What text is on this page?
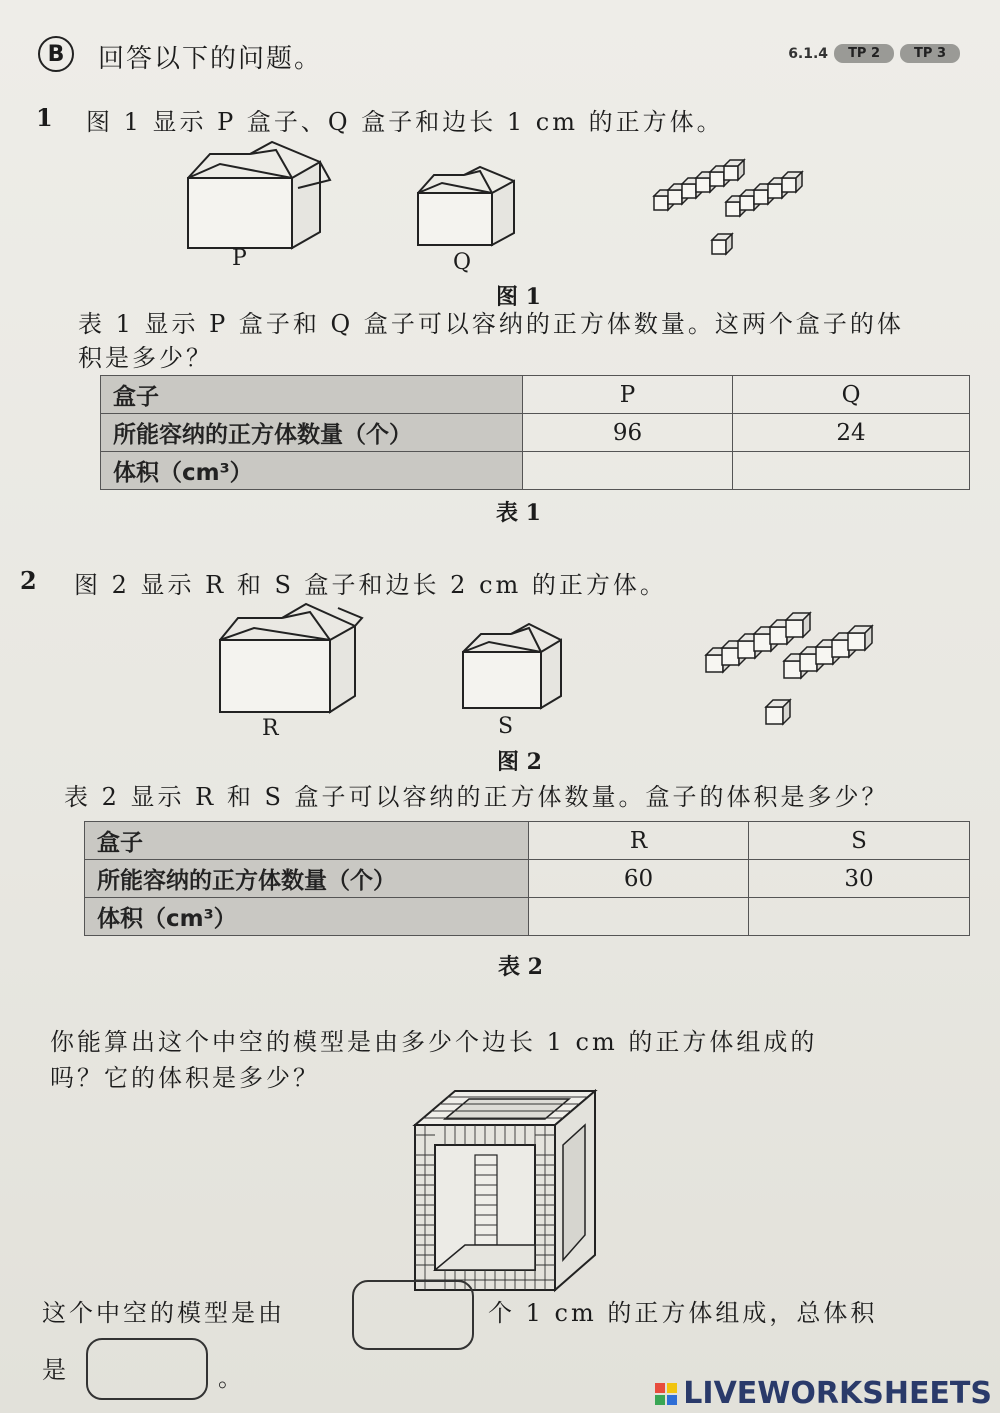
B	回答以下的问题。	6.1.4	TP 2	TP 3
1 图 1 显示 P 盒子、Q 盒子和边长 1 cm 的正方体。
P	Q
图 1
表 1 显示 P 盒子和 Q 盒子可以容纳的正方体数量。这两个盒子的体
积是多少？
盒子	P	Q
所能容纳的正方体数量（个）	96	24
体积（cm³）		
表 1
2 图 2 显示 R 和 S 盒子和边长 2 cm 的正方体。
R	S
图 2
表 2 显示 R 和 S 盒子可以容纳的正方体数量。盒子的体积是多少？
盒子	R	S
所能容纳的正方体数量（个）	60	30
体积（cm³）		
表 2
你能算出这个中空的模型是由多少个边长 1 cm 的正方体组成的
吗？它的体积是多少？
这个中空的模型是由	个 1 cm 的正方体组成，总体积
是	。	LIVEWORKSHEETS
